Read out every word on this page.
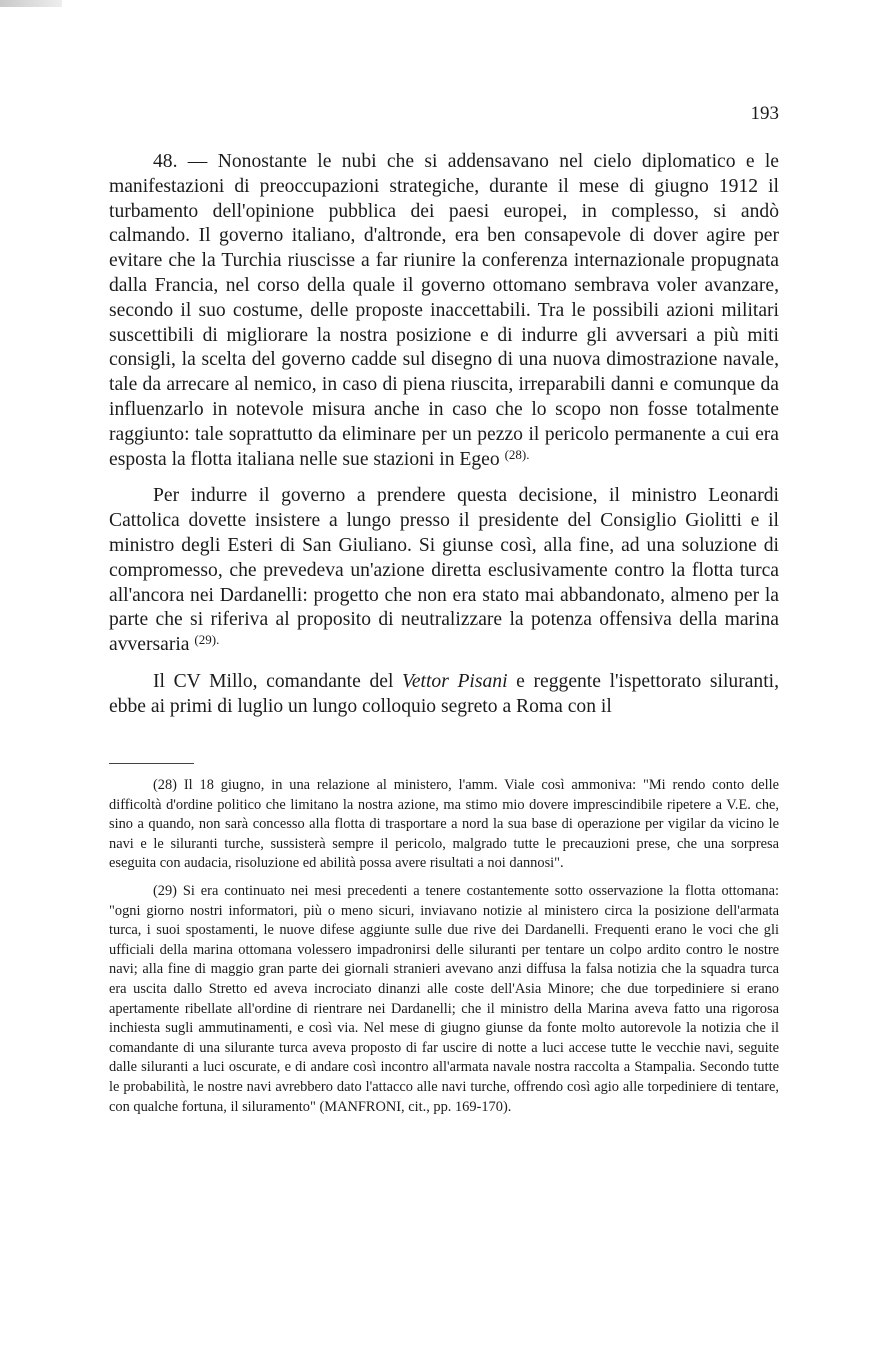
193

48. — Nonostante le nubi che si addensavano nel cielo diplomatico e le manifestazioni di preoccupazioni strategiche, durante il mese di giugno 1912 il turbamento dell'opinione pubblica dei paesi europei, in complesso, si andò calmando. Il governo italiano, d'altronde, era ben consapevole di dover agire per evitare che la Turchia riuscisse a far riunire la conferenza internazionale propugnata dalla Francia, nel corso della quale il governo ottomano sembrava voler avanzare, secondo il suo costume, delle proposte inaccettabili. Tra le possibili azioni militari suscettibili di migliorare la nostra posizione e di indurre gli avversari a più miti consigli, la scelta del governo cadde sul disegno di una nuova dimostrazione navale, tale da arrecare al nemico, in caso di piena riuscita, irreparabili danni e comunque da influenzarlo in notevole misura anche in caso che lo scopo non fosse totalmente raggiunto: tale soprattutto da eliminare per un pezzo il pericolo permanente a cui era esposta la flotta italiana nelle sue stazioni in Egeo $^{(28).}$

Per indurre il governo a prendere questa decisione, il ministro Leonardi Cattolica dovette insistere a lungo presso il presidente del Consiglio Giolitti e il ministro degli Esteri di San Giuliano. Si giunse così, alla fine, ad una soluzione di compromesso, che prevedeva un'azione diretta esclusivamente contro la flotta turca all'ancora nei Dardanelli: progetto che non era stato mai abbandonato, almeno per la parte che si riferiva al proposito di neutralizzare la potenza offensiva della marina avversaria $^{(29).}$

Il CV Millo, comandante del Vettor Pisani e reggente l'ispettorato siluranti, ebbe ai primi di luglio un lungo colloquio segreto a Roma con il

(28) Il 18 giugno, in una relazione al ministero, l'amm. Viale così ammoniva: "Mi rendo conto delle difficoltà d'ordine politico che limitano la nostra azione, ma stimo mio dovere imprescindibile ripetere a V.E. che, sino a quando, non sarà concesso alla flotta di trasportare a nord la sua base di operazione per vigilar da vicino le navi e le siluranti turche, sussisterà sempre il pericolo, malgrado tutte le precauzioni prese, che una sorpresa eseguita con audacia, risoluzione ed abilità possa avere risultati a noi dannosi".

(29) Si era continuato nei mesi precedenti a tenere costantemente sotto osservazione la flotta ottomana: "ogni giorno nostri informatori, più o meno sicuri, inviavano notizie al ministero circa la posizione dell'armata turca, i suoi spostamenti, le nuove difese aggiunte sulle due rive dei Dardanelli. Frequenti erano le voci che gli ufficiali della marina ottomana volessero impadronirsi delle siluranti per tentare un colpo ardito contro le nostre navi; alla fine di maggio gran parte dei giornali stranieri avevano anzi diffusa la falsa notizia che la squadra turca era uscita dallo Stretto ed aveva incrociato dinanzi alle coste dell'Asia Minore; che due torpediniere si erano apertamente ribellate all'ordine di rientrare nei Dardanelli; che il ministro della Marina aveva fatto una rigorosa inchiesta sugli ammutinamenti, e così via. Nel mese di giugno giunse da fonte molto autorevole la notizia che il comandante di una silurante turca aveva proposto di far uscire di notte a luci accese tutte le vecchie navi, seguite dalle siluranti a luci oscurate, e di andare così incontro all'armata navale nostra raccolta a Stampalia. Secondo tutte le probabilità, le nostre navi avrebbero dato l'attacco alle navi turche, offrendo così agio alle torpediniere di tentare, con qualche fortuna, il siluramento" (MANFRONI, cit., pp. 169-170).
